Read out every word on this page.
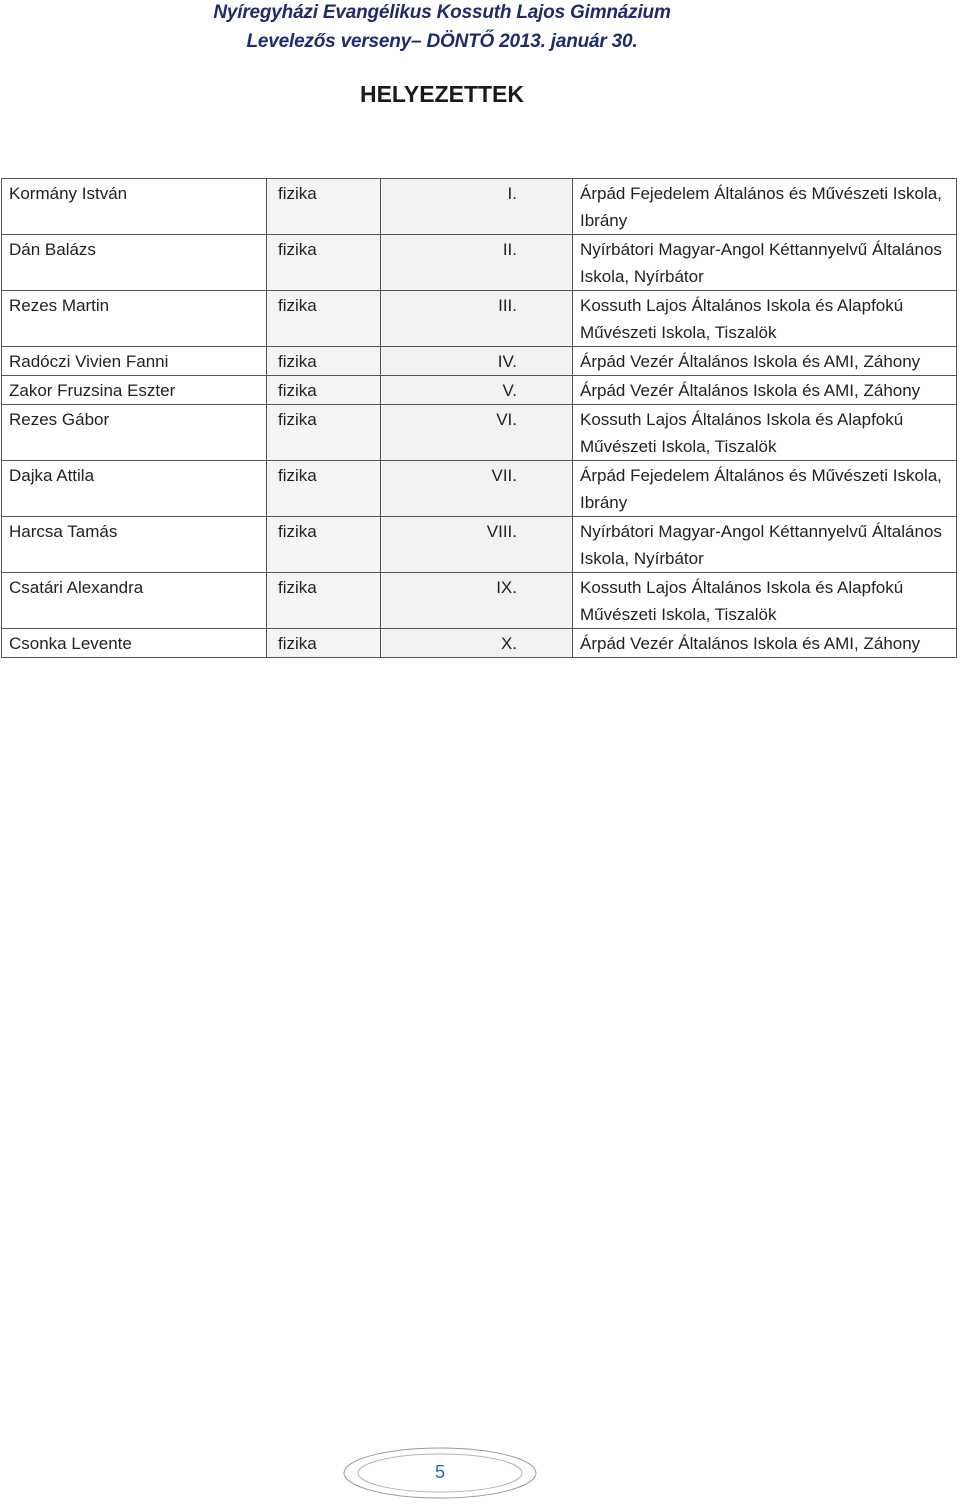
Nyíregyházi Evangélikus Kossuth Lajos Gimnázium
Levelezős verseny– DÖNTŐ 2013. január 30.
HELYEZETTEK
Kormány István	fizika	I.	Árpád Fejedelem Általános és Művészeti Iskola, Ibrány
Dán Balázs	fizika	II.	Nyírbátori Magyar-Angol Kéttannyelvű Általános Iskola, Nyírbátor
Rezes Martin	fizika	III.	Kossuth Lajos Általános Iskola és Alapfokú Művészeti Iskola, Tiszalök
Radóczi Vivien Fanni	fizika	IV.	Árpád Vezér Általános Iskola és AMI, Záhony
Zakor Fruzsina Eszter	fizika	V.	Árpád Vezér Általános Iskola és AMI, Záhony
Rezes Gábor	fizika	VI.	Kossuth Lajos Általános Iskola és Alapfokú Művészeti Iskola, Tiszalök
Dajka Attila	fizika	VII.	Árpád Fejedelem Általános és Művészeti Iskola, Ibrány
Harcsa Tamás	fizika	VIII.	Nyírbátori Magyar-Angol Kéttannyelvű Általános Iskola, Nyírbátor
Csatári Alexandra	fizika	IX.	Kossuth Lajos Általános Iskola és Alapfokú Művészeti Iskola, Tiszalök
Csonka Levente	fizika	X.	Árpád Vezér Általános Iskola és AMI, Záhony
5
